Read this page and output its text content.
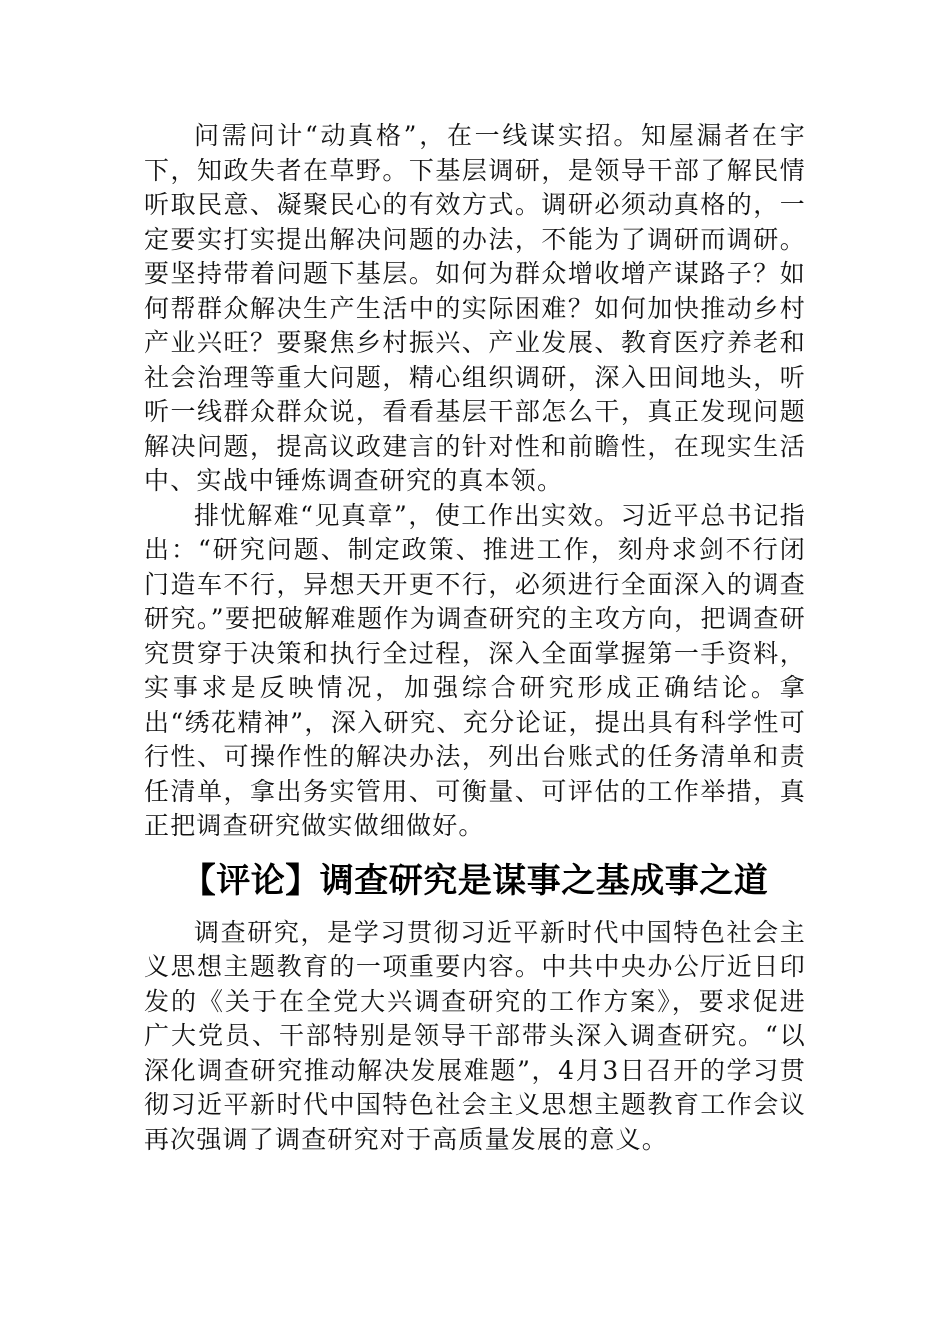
问需问计“动真格”，在一线谋实招。知屋漏者在宇下，知政失者在草野。下基层调研，是领导干部了解民情听取民意、凝聚民心的有效方式。调研必须动真格的，一定要实打实提出解决问题的办法，不能为了调研而调研。要坚持带着问题下基层。如何为群众增收增产谋路子？如何帮群众解决生产生活中的实际困难？如何加快推动乡村产业兴旺？要聚焦乡村振兴、产业发展、教育医疗养老和社会治理等重大问题，精心组织调研，深入田间地头，听听一线群众群众说，看看基层干部怎么干，真正发现问题解决问题，提高议政建言的针对性和前瞻性，在现实生活中、实战中锤炼调查研究的真本领。

排忧解难“见真章”，使工作出实效。习近平总书记指出：“研究问题、制定政策、推进工作，刻舟求剑不行闭门造车不行，异想天开更不行，必须进行全面深入的调查研究。”要把破解难题作为调查研究的主攻方向，把调查研究贯穿于决策和执行全过程，深入全面掌握第一手资料，实事求是反映情况，加强综合研究形成正确结论。拿出“绣花精神”，深入研究、充分论证，提出具有科学性可行性、可操作性的解决办法，列出台账式的任务清单和责任清单，拿出务实管用、可衡量、可评估的工作举措，真正把调查研究做实做细做好。

【评论】调查研究是谋事之基成事之道

调查研究，是学习贯彻习近平新时代中国特色社会主义思想主题教育的一项重要内容。中共中央办公厅近日印发的《关于在全党大兴调查研究的工作方案》，要求促进广大党员、干部特别是领导干部带头深入调查研究。“以深化调查研究推动解决发展难题”，4月3日召开的学习贯彻习近平新时代中国特色社会主义思想主题教育工作会议再次强调了调查研究对于高质量发展的意义。
